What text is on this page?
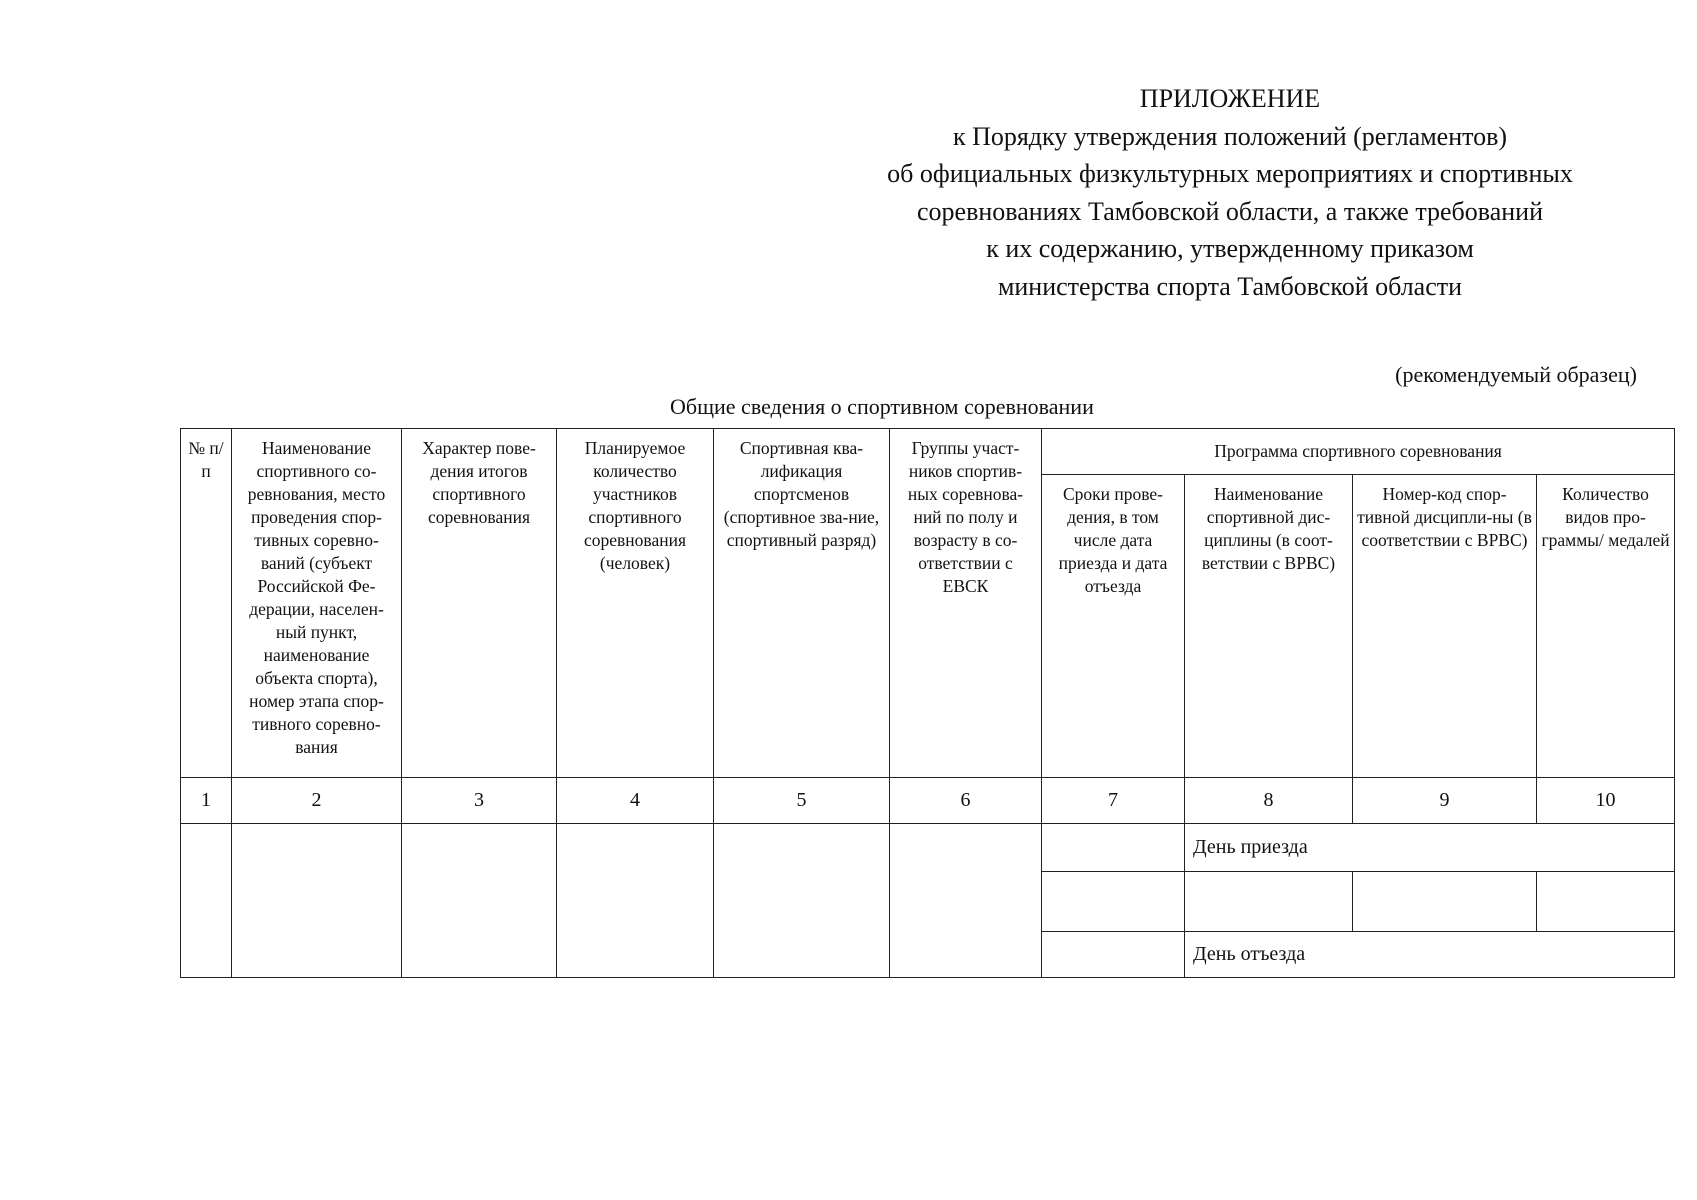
ПРИЛОЖЕНИЕ
к Порядку утверждения положений (регламентов)
об официальных физкультурных мероприятиях и спортивных
соревнованиях Тамбовской области, а также требований
к их содержанию, утвержденному приказом
министерства спорта Тамбовской области
(рекомендуемый образец)
Общие сведения о спортивном соревновании
№ п/п	Наименование спортивного со-ревнования, место проведения спор-тивных соревно-ваний (субъект Российской Фе-дерации, населен-ный пункт, наименование объекта спорта), номер этапа спор-тивного соревно-вания	Характер пове-дения итогов спортивного соревнования	Планируемое количество участников спортивного соревнования (человек)	Спортивная ква-лификация спортсменов (спортивное зва-ние, спортивный разряд)	Группы участ-ников спортив-ных соревнова-ний по полу и возрасту в со-ответствии с ЕВСК	Программа спортивного соревнования			
						Сроки прове-дения, в том числе дата приезда и дата отъезда	Наименование спортивной дис-циплины (в соот-ветствии с ВРВС)	Номер-код спор-тивной дисципли-ны (в соответствии с ВРВС)	Количество видов про-граммы/ медалей
1	2	3	4	5	6	7	8	9	10
							День приезда		

							День отъезда		
